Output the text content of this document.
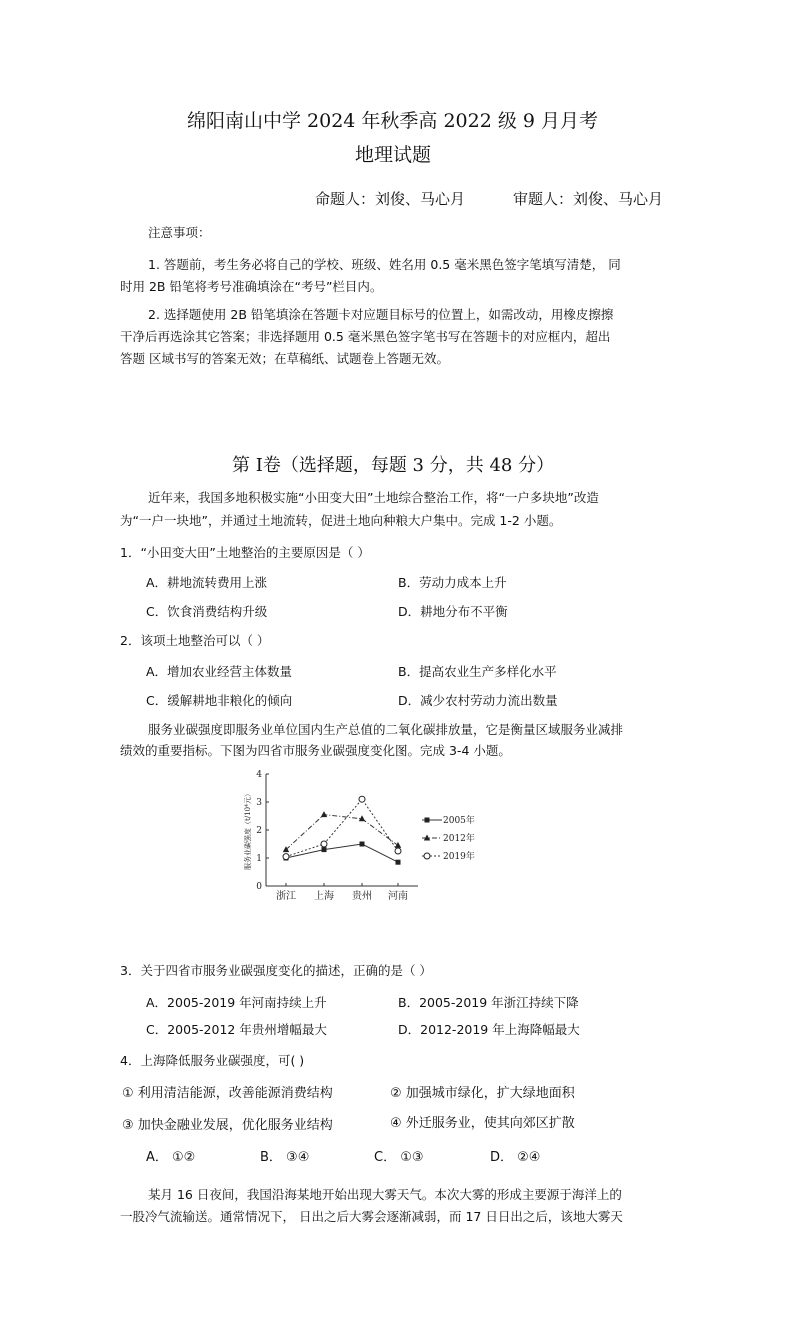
绵阳南山中学 2024 年秋季高 2022 级 9 月月考
地理试题
命题人：刘俊、马心月	审题人：刘俊、马心月
注意事项：
1. 答题前，考生务必将自己的学校、班级、姓名用 0.5 毫米黑色签字笔填写清楚， 同
时用 2B 铅笔将考号准确填涂在“考号”栏目内。
2. 选择题使用 2B 铅笔填涂在答题卡对应题目标号的位置上，如需改动，用橡皮擦擦
干净后再选涂其它答案；非选择题用 0.5 毫米黑色签字笔书写在答题卡的对应框内，超出
答题 区域书写的答案无效；在草稿纸、试题卷上答题无效。
第 Ⅰ卷（选择题，每题 3 分，共 48 分）
近年来，我国多地积极实施“小田变大田”土地综合整治工作，将“一户多块地”改造
为“一户一块地”，并通过土地流转，促进土地向种粮大户集中。完成 1-2 小题。
1．“小田变大田”土地整治的主要原因是（ ）
A．耕地流转费用上涨	B．劳动力成本上升
C．饮食消费结构升级	D．耕地分布不平衡
2．该项土地整治可以（ ）
A．增加农业经营主体数量	B．提高农业生产多样化水平
C．缓解耕地非粮化的倾向	D．减少农村劳动力流出数量
服务业碳强度即服务业单位国内生产总值的二氧化碳排放量，它是衡量区域服务业减排
绩效的重要指标。下图为四省市服务业碳强度变化图。完成 3-4 小题。
0
1
2
3
4
浙江 上海 贵州 河南
服务业碳强度（t/10⁴元）	2005年
2012年
2019年
3．关于四省市服务业碳强度变化的描述，正确的是（ ）
A．2005-2019 年河南持续上升	B．2005-2019 年浙江持续下降
C．2005-2012 年贵州增幅最大	D．2012-2019 年上海降幅最大
4．上海降低服务业碳强度，可( )
① 利用清洁能源，改善能源消费结构	② 加强城市绿化，扩大绿地面积
③ 加快金融业发展，优化服务业结构	④ 外迁服务业，使其向郊区扩散
A． ①②	B． ③④	C． ①③	D． ②④
某月 16 日夜间，我国沿海某地开始出现大雾天气。本次大雾的形成主要源于海洋上的
一股冷气流输送。通常情况下， 日出之后大雾会逐渐减弱，而 17 日日出之后，该地大雾天
